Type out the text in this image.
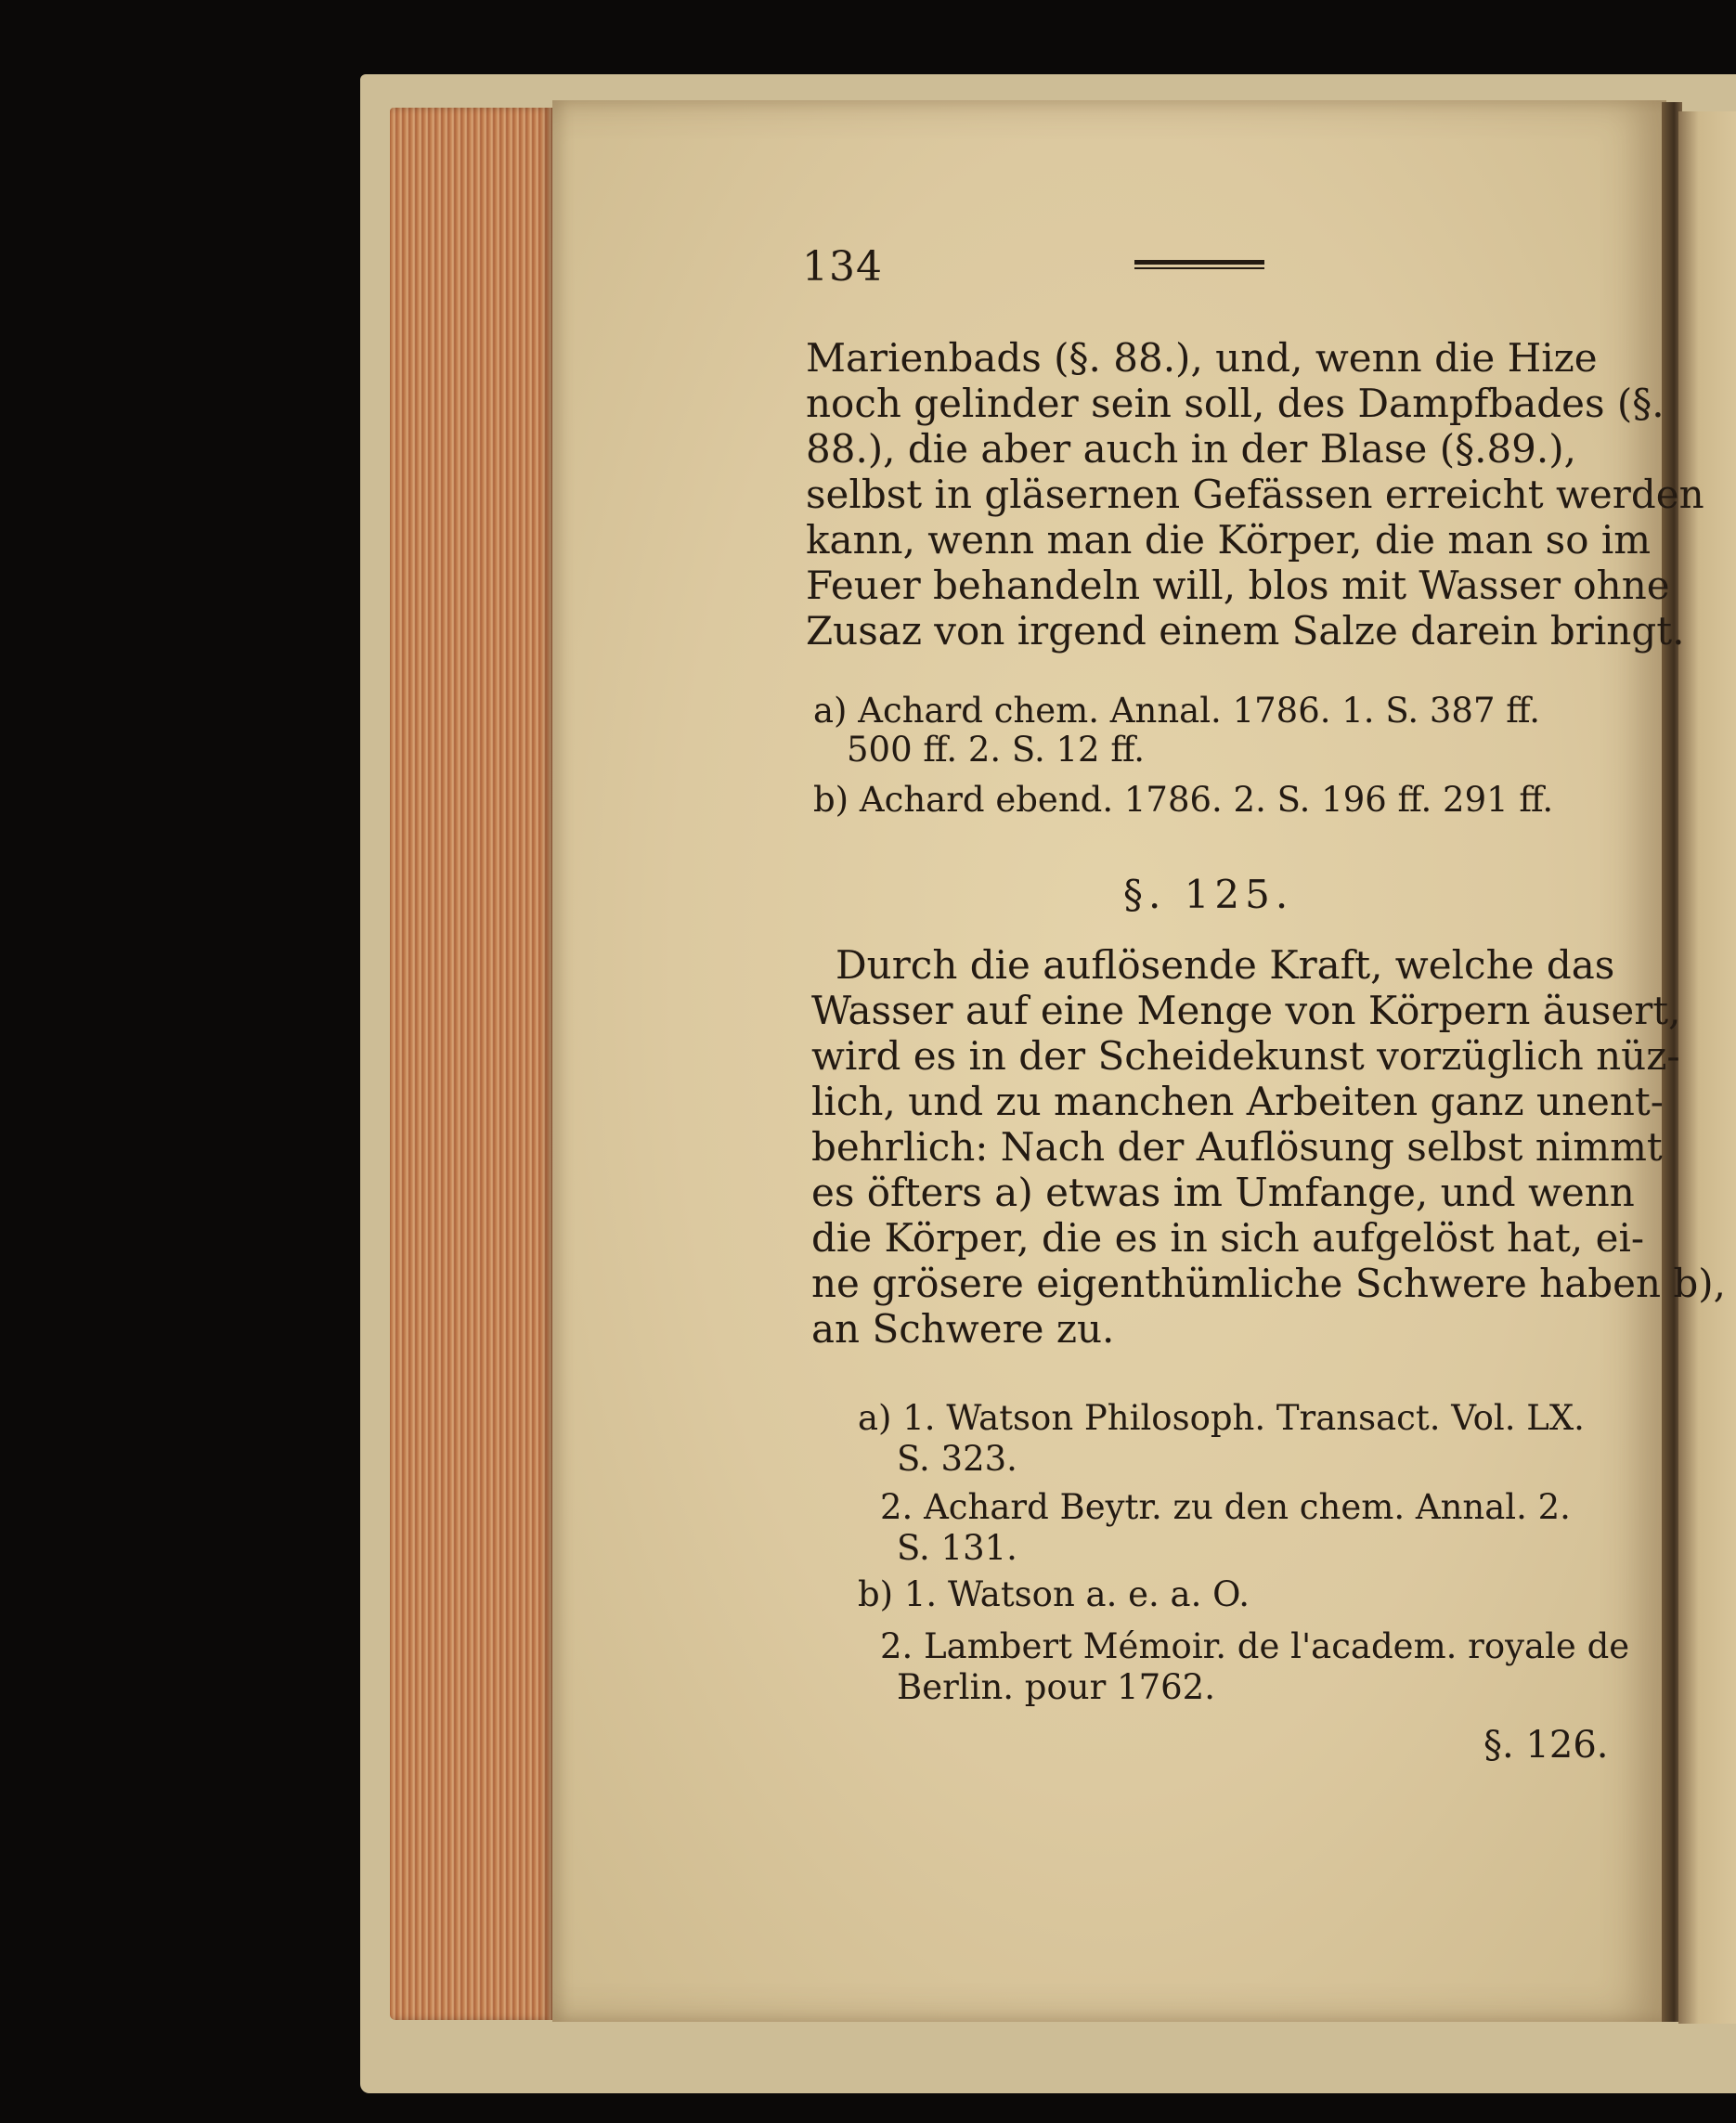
134
Marienbads (§. 88.), und, wenn die Hize
noch gelinder sein soll, des Dampfbades (§.
88.), die aber auch in der Blase (§.89.),
selbst in gläsernen Gefässen erreicht werden
kann, wenn man die Körper, die man so im
Feuer behandeln will, blos mit Wasser ohne
Zusaz von irgend einem Salze darein bringt.
a) Achard chem. Annal. 1786. 1. S. 387 ff.
500 ff. 2. S. 12 ff.
b) Achard ebend. 1786. 2. S. 196 ff. 291 ff.
§. 125.
Durch die auflösende Kraft, welche das
Wasser auf eine Menge von Körpern äusert,
wird es in der Scheidekunst vorzüglich nüz-
lich, und zu manchen Arbeiten ganz unent-
behrlich: Nach der Auflösung selbst nimmt
es öfters a) etwas im Umfange, und wenn
die Körper, die es in sich aufgelöst hat, ei-
ne grösere eigenthümliche Schwere haben b),
an Schwere zu.
a) 1. Watson Philosoph. Transact. Vol. LX.
S. 323.
2. Achard Beytr. zu den chem. Annal. 2.
S. 131.
b) 1. Watson a. e. a. O.
2. Lambert Mémoir. de l'academ. royale de
Berlin. pour 1762.
§. 126.
